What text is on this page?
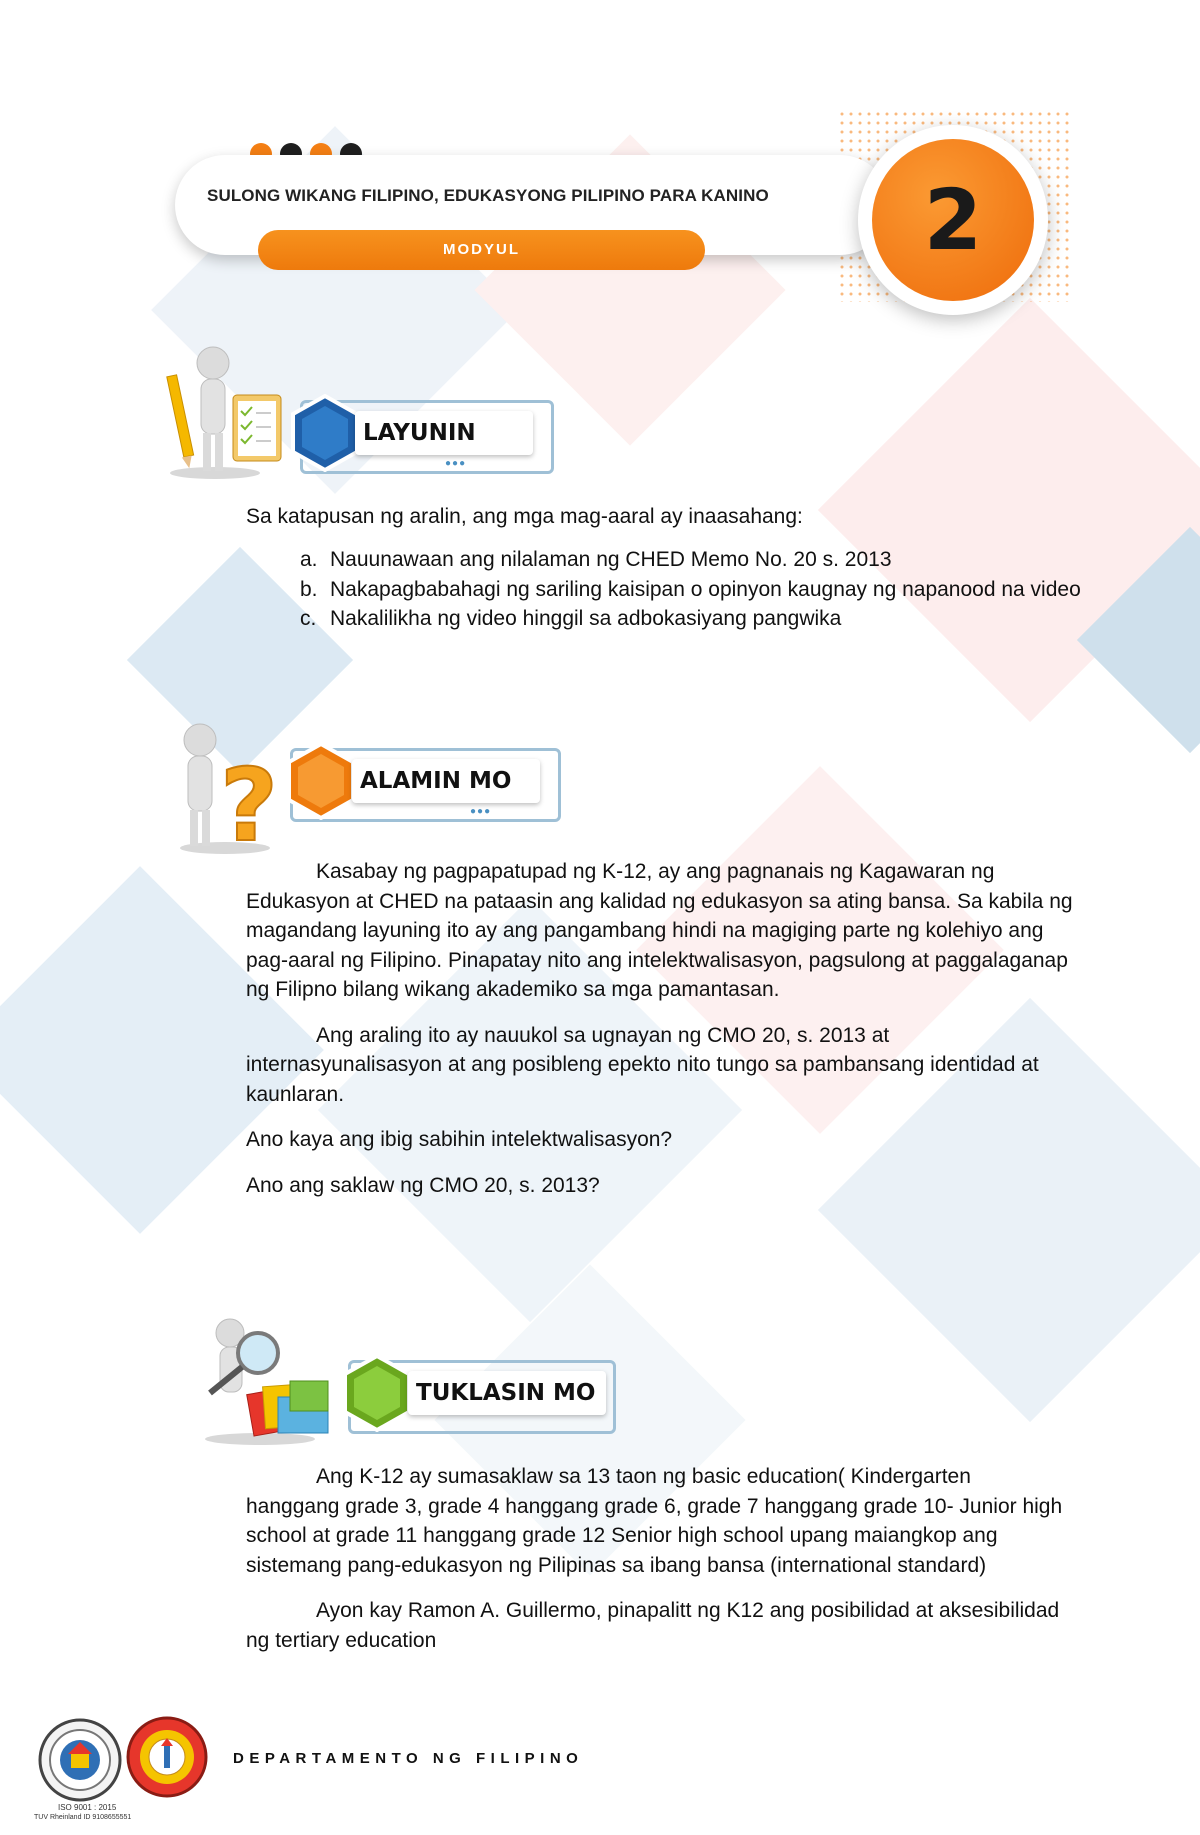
SULONG WIKANG FILIPINO, EDUKASYONG PILIPINO PARA KANINO
MODYUL	2
LAYUNIN
●●●
Sa katapusan ng aralin, ang mga mag-aaral ay inaasahang:
a. Nauunawaan ang nilalaman ng CHED Memo No. 20 s. 2013
b. Nakapagbabahagi ng sariling kaisipan o opinyon kaugnay ng napanood na video
c. Nakalilikha ng video hinggil sa adbokasiyang pangwika
?	ALAMIN MO
●●●

Kasabay ng pagpapatupad ng K-12, ay ang pagnanais ng Kagawaran ng Edukasyon at CHED na pataasin ang kalidad ng edukasyon sa ating bansa. Sa kabila ng magandang layuning ito ay ang pangambang hindi na magiging parte ng kolehiyo ang pag-aaral ng Filipino. Pinapatay nito ang intelektwalisasyon, pagsulong at paggalaganap ng Filipno bilang wikang akademiko sa mga pamantasan.

Ang araling ito ay nauukol sa ugnayan ng CMO 20, s. 2013 at internasyunalisasyon at ang posibleng epekto nito tungo sa pambansang identidad at kaunlaran.

Ano kaya ang ibig sabihin intelektwalisasyon?

Ano ang saklaw ng CMO 20, s. 2013?

TUKLASIN MO

Ang K-12 ay sumasaklaw sa 13 taon ng basic education( Kindergarten hanggang grade 3, grade 4 hanggang grade 6, grade 7 hanggang grade 10- Junior high school at grade 11 hanggang grade 12 Senior high school upang maiangkop ang sistemang pang-edukasyon ng Pilipinas sa ibang bansa (international standard)

Ayon kay Ramon A. Guillermo, pinapalitt ng K12 ang posibilidad at aksesibilidad ng tertiary education

ISO 9001 : 2015
TUV Rheinland ID 9108655551
DEPARTAMENTO NG FILIPINO
